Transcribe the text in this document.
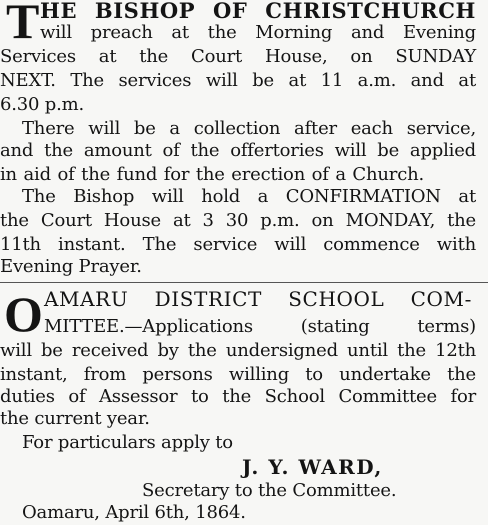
T HE BISHOP OF CHRISTCHURCH
will preach at the Morning and Evening
Services at the Court House, on SUNDAY
NEXT. The services will be at 11 a.m. and at
6.30 p.m.
There will be a collection after each service,
and the amount of the offertories will be applied
in aid of the fund for the erection of a Church.
The Bishop will hold a CONFIRMATION at
the Court House at 3 30 p.m. on MONDAY, the
11th instant. The service will commence with
Evening Prayer.
O AMARU DISTRICT SCHOOL COM-
MITTEE.—Applications (stating terms)
will be received by the undersigned until the 12th
instant, from persons willing to undertake the
duties of Assessor to the School Committee for
the current year.
For particulars apply to
J. Y. WARD,
Secretary to the Committee.
Oamaru, April 6th, 1864.
